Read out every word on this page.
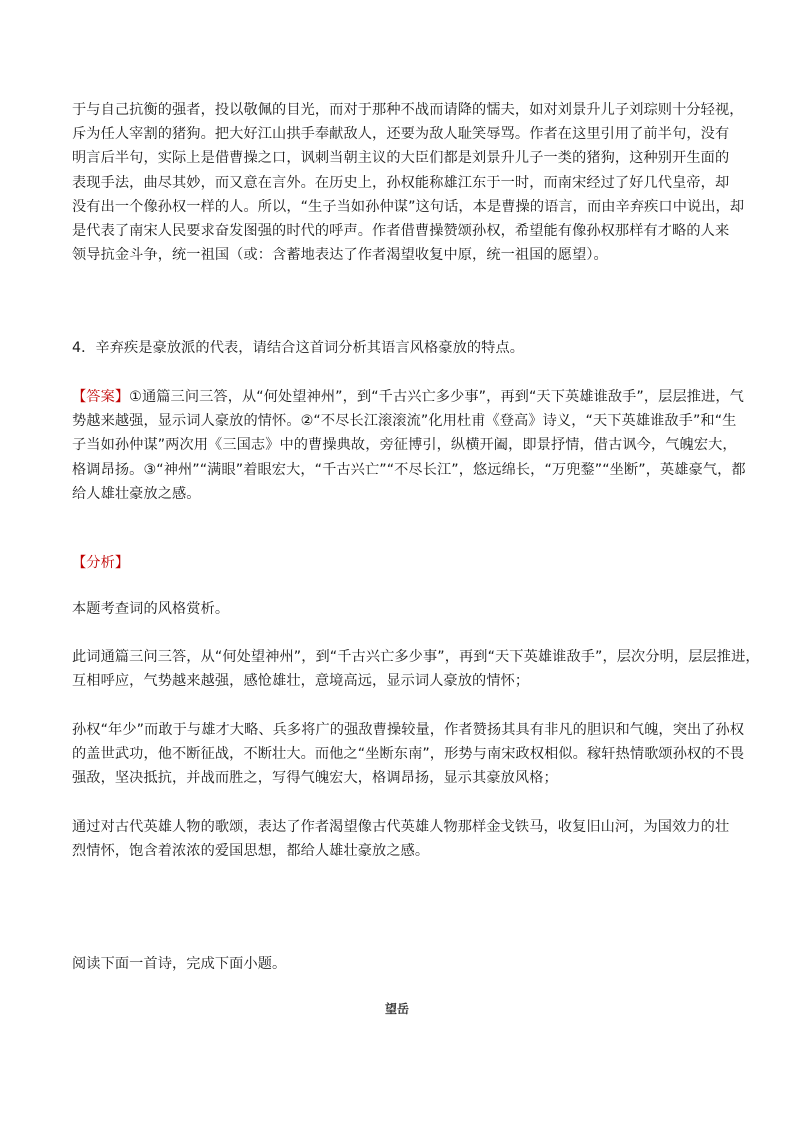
于与自己抗衡的强者，投以敬佩的目光，而对于那种不战而请降的懦夫，如对刘景升儿子刘琮则十分轻视，
斥为任人宰割的猪狗。把大好江山拱手奉献敌人，还要为敌人耻笑辱骂。作者在这里引用了前半句，没有
明言后半句，实际上是借曹操之口，讽刺当朝主议的大臣们都是刘景升儿子一类的猪狗，这种别开生面的
表现手法，曲尽其妙，而又意在言外。在历史上，孙权能称雄江东于一时，而南宋经过了好几代皇帝，却
没有出一个像孙权一样的人。所以，“生子当如孙仲谋”这句话，本是曹操的语言，而由辛弃疾口中说出，却
是代表了南宋人民要求奋发图强的时代的呼声。作者借曹操赞颂孙权，希望能有像孙权那样有才略的人来
领导抗金斗争，统一祖国（或：含蓄地表达了作者渴望收复中原，统一祖国的愿望）。
4．辛弃疾是豪放派的代表，请结合这首词分析其语言风格豪放的特点。
【答案】①通篇三问三答，从“何处望神州”，到“千古兴亡多少事”，再到“天下英雄谁敌手”，层层推进，气
势越来越强，显示词人豪放的情怀。②“不尽长江滚滚流”化用杜甫《登高》诗义，“天下英雄谁敌手”和“生
子当如孙仲谋”两次用《三国志》中的曹操典故，旁征博引，纵横开阖，即景抒情，借古讽今，气魄宏大，
格调昂扬。③“神州”“满眼”着眼宏大，“千古兴亡”“不尽长江”，悠远绵长，“万兜鍪”“坐断”，英雄豪气，都
给人雄壮豪放之感。
【分析】
本题考查词的风格赏析。
此词通篇三问三答，从“何处望神州”，到“千古兴亡多少事”，再到“天下英雄谁敌手”，层次分明，层层推进，
互相呼应，气势越来越强，感怆雄壮，意境高远，显示词人豪放的情怀；
孙权“年少”而敢于与雄才大略、兵多将广的强敌曹操较量，作者赞扬其具有非凡的胆识和气魄，突出了孙权
的盖世武功，他不断征战，不断壮大。而他之“坐断东南”，形势与南宋政权相似。稼轩热情歌颂孙权的不畏
强敌，坚决抵抗，并战而胜之，写得气魄宏大，格调昂扬，显示其豪放风格；
通过对古代英雄人物的歌颂，表达了作者渴望像古代英雄人物那样金戈铁马，收复旧山河，为国效力的壮
烈情怀，饱含着浓浓的爱国思想，都给人雄壮豪放之感。
阅读下面一首诗，完成下面小题。
望岳
